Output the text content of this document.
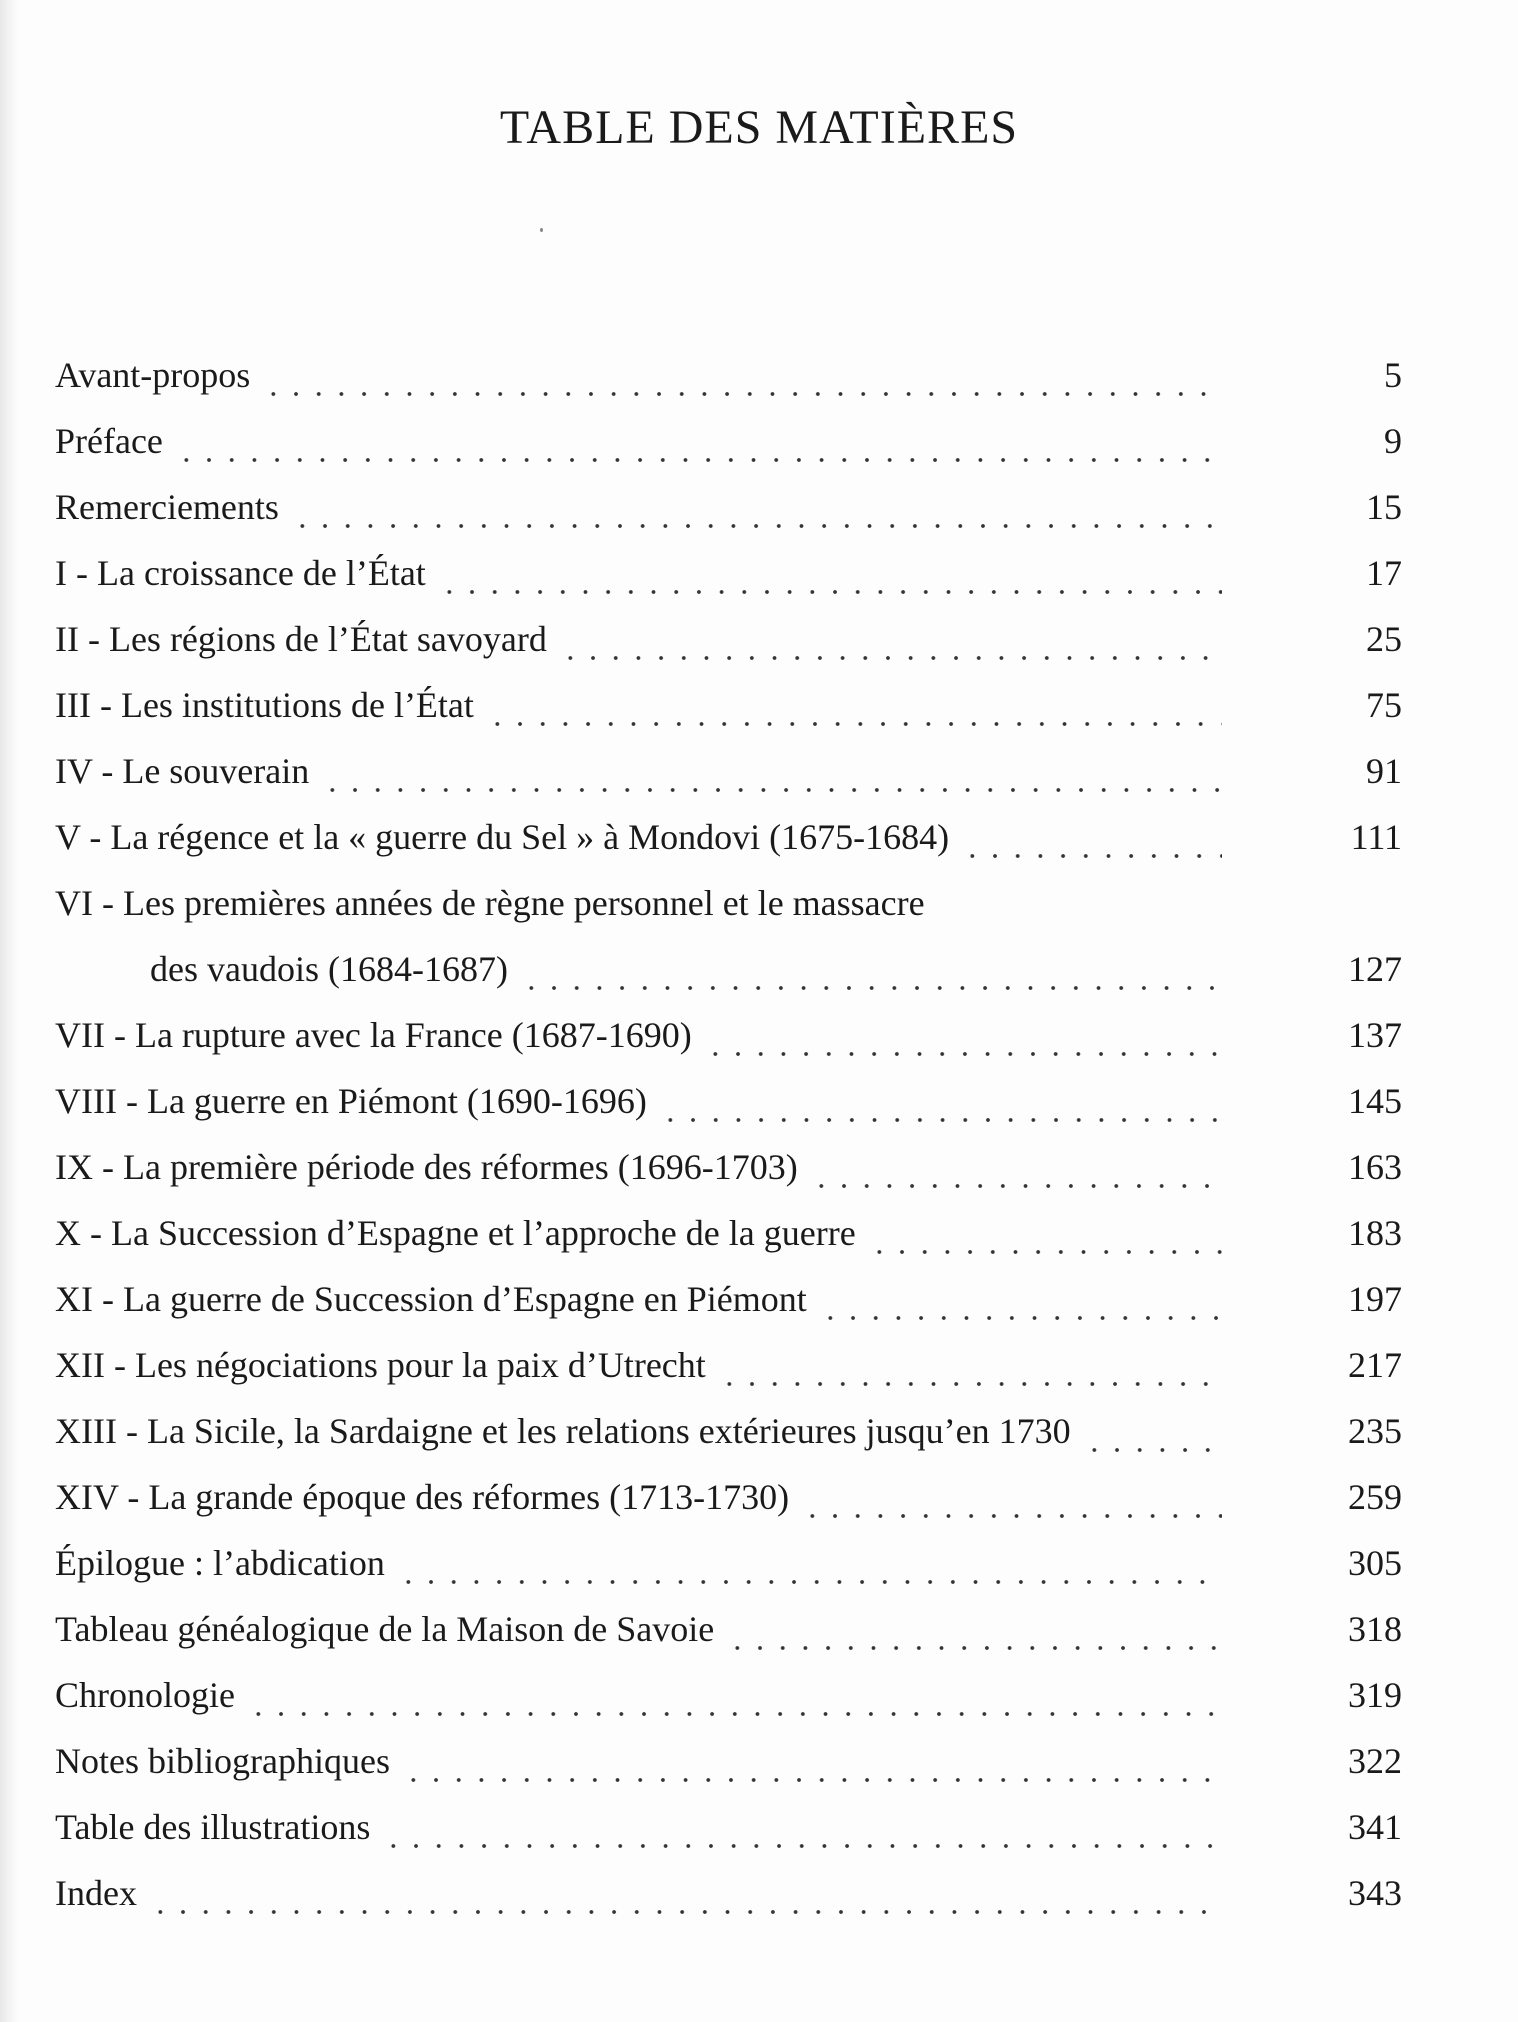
TABLE DES MATIÈRES
Avant-propos	5
Préface	9
Remerciements	15
I - La croissance de l’État	17
II - Les régions de l’État savoyard	25
III - Les institutions de l’État	75
IV - Le souverain	91
V - La régence et la « guerre du Sel » à Mondovi (1675-1684)	111
VI - Les premières années de règne personnel et le massacre
des vaudois (1684-1687)	127
VII - La rupture avec la France (1687-1690)	137
VIII - La guerre en Piémont (1690-1696)	145
IX - La première période des réformes (1696-1703)	163
X - La Succession d’Espagne et l’approche de la guerre	183
XI - La guerre de Succession d’Espagne en Piémont	197
XII - Les négociations pour la paix d’Utrecht	217
XIII - La Sicile, la Sardaigne et les relations extérieures jusqu’en 1730	235
XIV - La grande époque des réformes (1713-1730)	259
Épilogue : l’abdication	305
Tableau généalogique de la Maison de Savoie	318
Chronologie	319
Notes bibliographiques	322
Table des illustrations	341
Index	343
